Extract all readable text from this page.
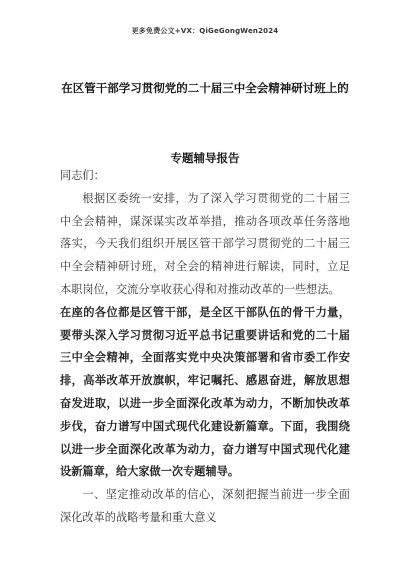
更多免费公文+VX：QiGeGongWen2024
在区管干部学习贯彻党的二十届三中全会精神研讨班上的
专题辅导报告

同志们：

根据区委统一安排，为了深入学习贯彻党的二十届三中全会精神，谋深谋实改革举措，推动各项改革任务落地落实，今天我们组织开展区管干部学习贯彻党的二十届三中全会精神研讨班，对全会的精神进行解读，同时，立足本职岗位，交流分享收获心得和对推动改革的一些想法。

在座的各位都是区管干部，是全区干部队伍的骨干力量，要带头深入学习贯彻习近平总书记重要讲话和党的二十届三中全会精神，全面落实党中央决策部署和省市委工作安排，高举改革开放旗帜，牢记嘱托、感恩奋进，解放思想奋发进取，以进一步全面深化改革为动力，不断加快改革步伐，奋力谱写中国式现代化建设新篇章。下面，我围绕以进一步全面深化改革为动力，奋力谱写中国式现代化建设新篇章，给大家做一次专题辅导。

一、坚定推动改革的信心，深刻把握当前进一步全面深化改革的战略考量和重大意义
